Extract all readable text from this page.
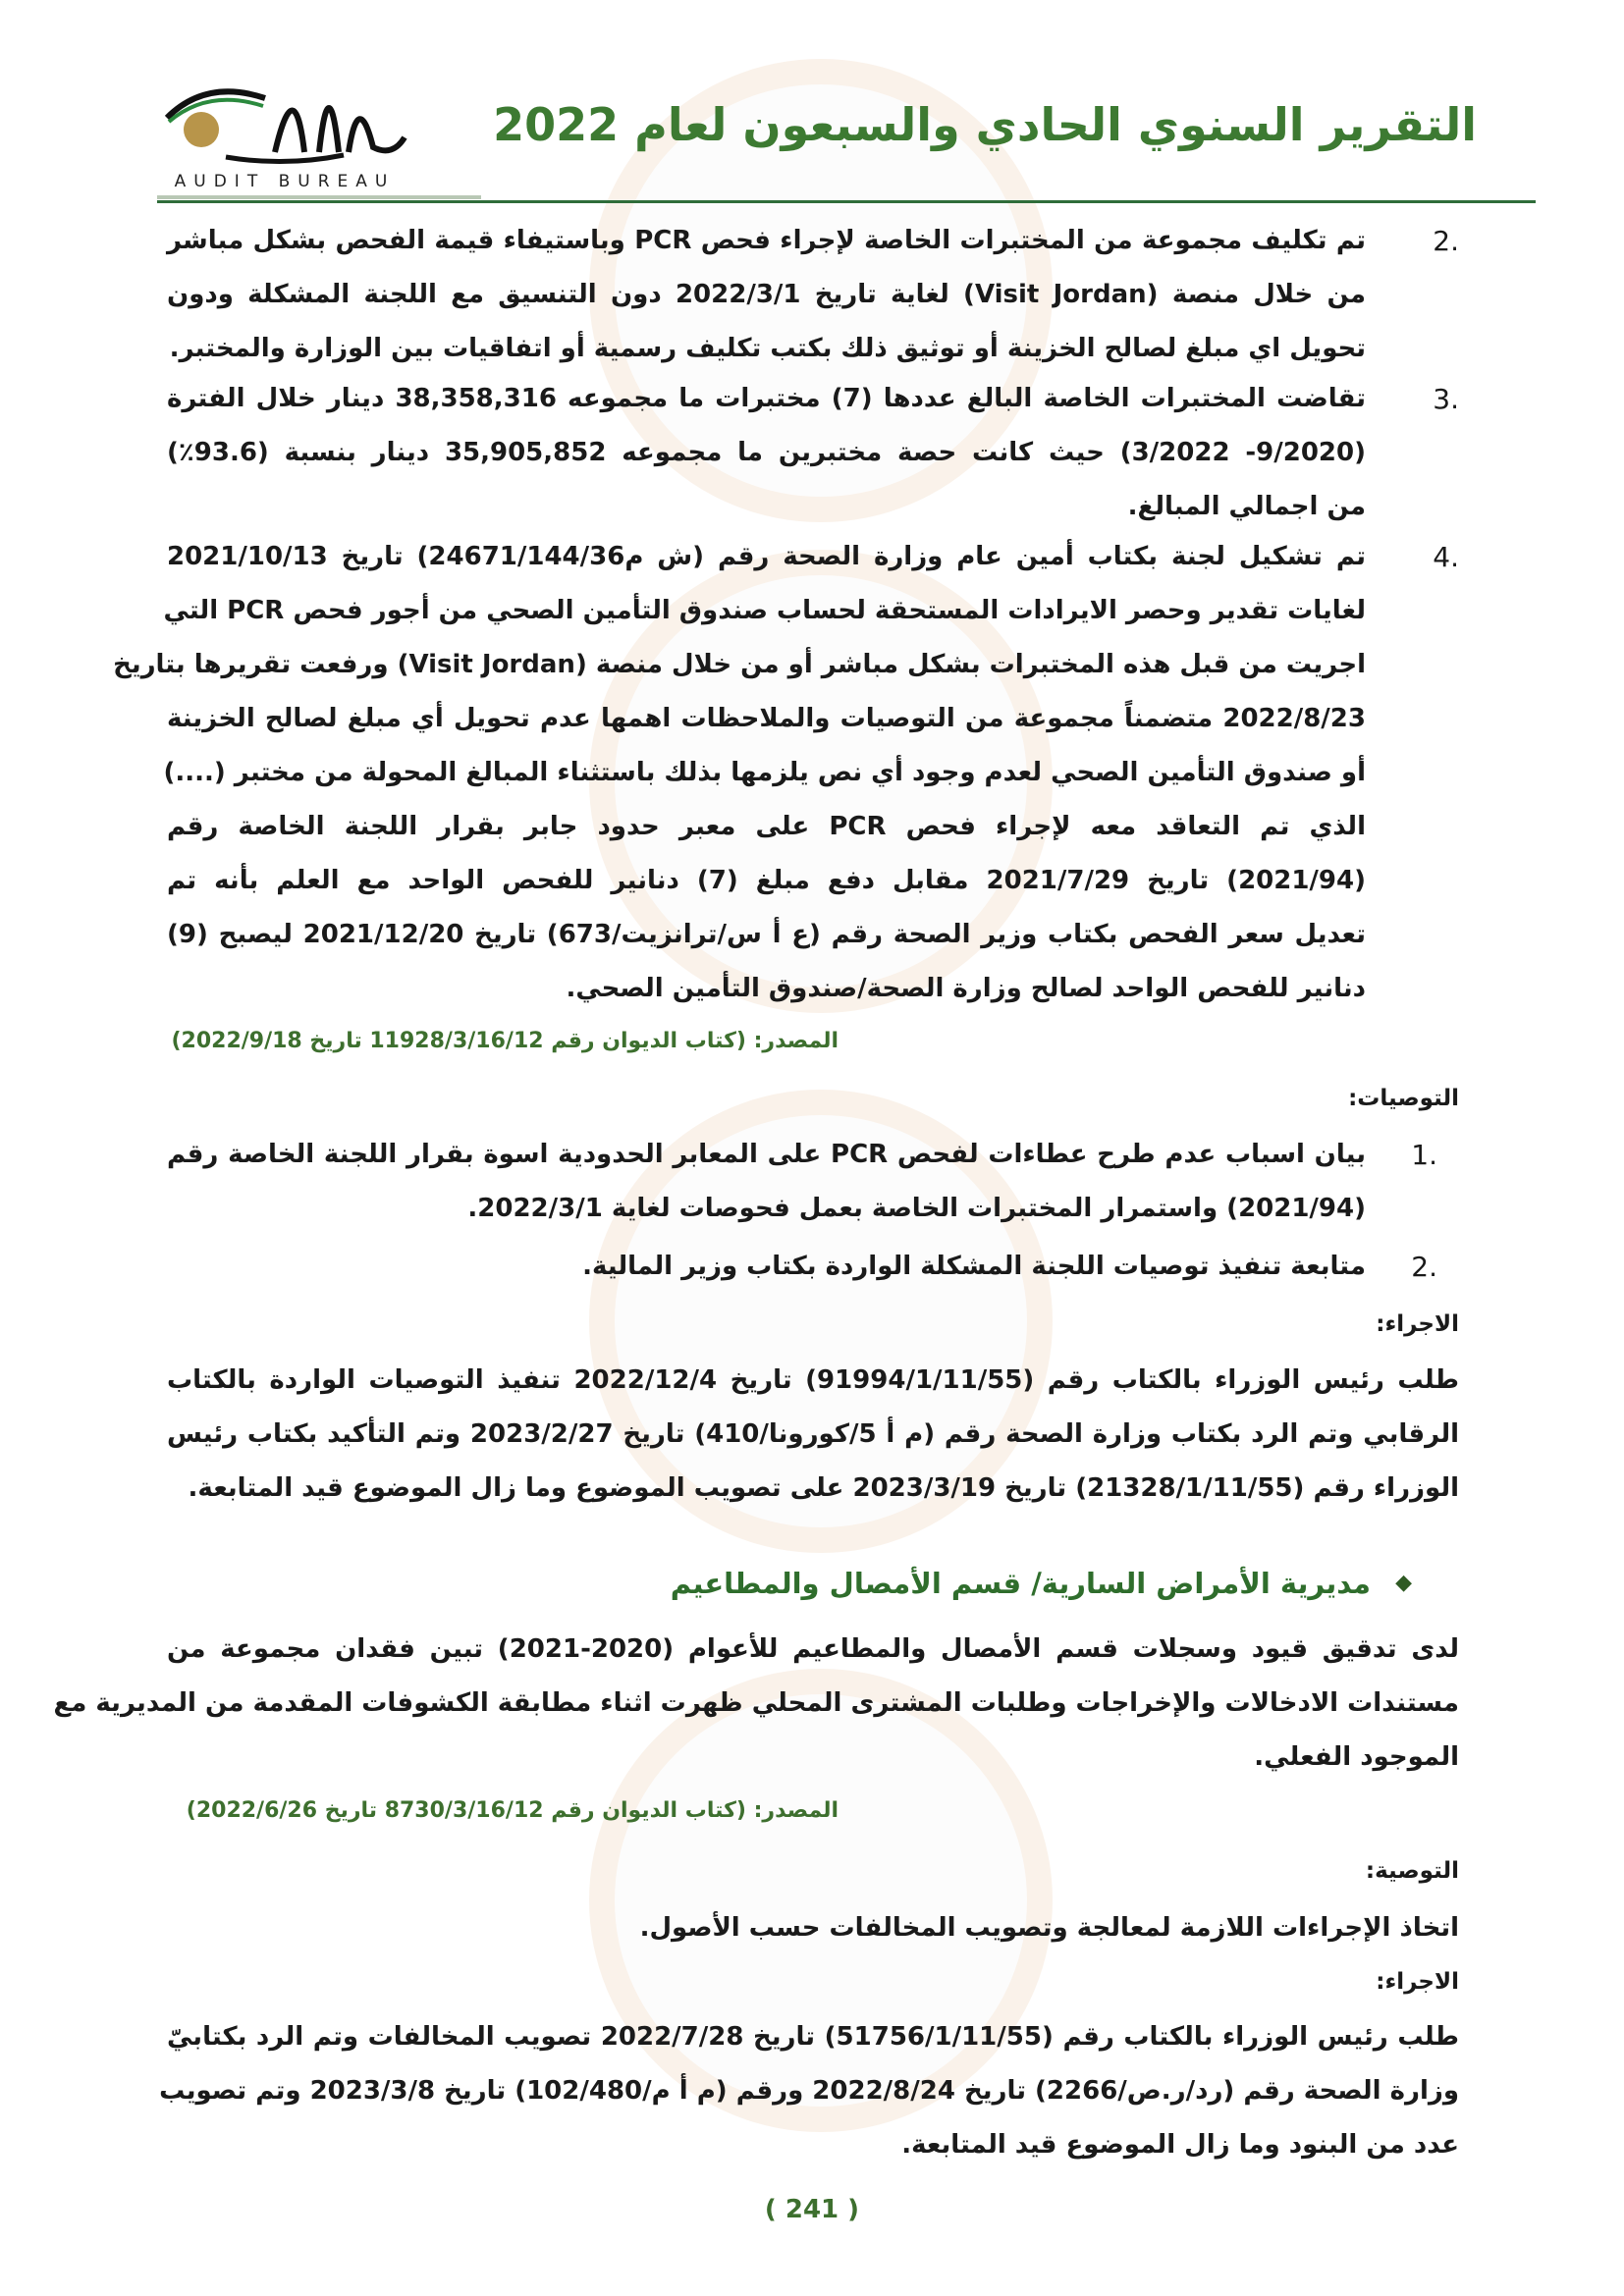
AUDIT BUREAU
التقرير السنوي الحادي والسبعون لعام 2022
2.
تم تكليف مجموعة من المختبرات الخاصة لإجراء فحص PCR وباستيفاء قيمة الفحص بشكل مباشر
من خلال منصة (Visit Jordan) لغاية تاريخ 2022/3/1 دون التنسيق مع اللجنة المشكلة ودون
تحويل اي مبلغ لصالح الخزينة أو توثيق ذلك بكتب تكليف رسمية أو اتفاقيات بين الوزارة والمختبر.
3.
تقاضت المختبرات الخاصة البالغ عددها (7) مختبرات ما مجموعه 38,358,316 دينار خلال الفترة
(9/2020- 3/2022) حيث كانت حصة مختبرين ما مجموعه 35,905,852 دينار بنسبة (93.6٪)
من اجمالي المبالغ.
4.
تم تشكيل لجنة بكتاب أمين عام وزارة الصحة رقم (ش م24671/144/36) تاريخ 2021/10/13
لغايات تقدير وحصر الايرادات المستحقة لحساب صندوق التأمين الصحي من أجور فحص PCR التي
اجريت من قبل هذه المختبرات بشكل مباشر أو من خلال منصة (Visit Jordan) ورفعت تقريرها بتاريخ
2022/8/23 متضمناً مجموعة من التوصيات والملاحظات اهمها عدم تحويل أي مبلغ لصالح الخزينة
أو صندوق التأمين الصحي لعدم وجود أي نص يلزمها بذلك باستثناء المبالغ المحولة من مختبر (....)
الذي تم التعاقد معه لإجراء فحص PCR على معبر حدود جابر بقرار اللجنة الخاصة رقم
(2021/94) تاريخ 2021/7/29 مقابل دفع مبلغ (7) دنانير للفحص الواحد مع العلم بأنه تم
تعديل سعر الفحص بكتاب وزير الصحة رقم (ع أ س/ترانزيت/673) تاريخ 2021/12/20 ليصبح (9)
دنانير للفحص الواحد لصالح وزارة الصحة/صندوق التأمين الصحي.
المصدر: (كتاب الديوان رقم 11928/3/16/12 تاريخ 2022/9/18)
التوصيات:
1.
بيان اسباب عدم طرح عطاءات لفحص PCR على المعابر الحدودية اسوة بقرار اللجنة الخاصة رقم
(2021/94) واستمرار المختبرات الخاصة بعمل فحوصات لغاية 2022/3/1.
2.
متابعة تنفيذ توصيات اللجنة المشكلة الواردة بكتاب وزير المالية.
الاجراء:
طلب رئيس الوزراء بالكتاب رقم (91994/1/11/55) تاريخ 2022/12/4 تنفيذ التوصيات الواردة بالكتاب
الرقابي وتم الرد بكتاب وزارة الصحة رقم (م أ 5/كورونا/410) تاريخ 2023/2/27 وتم التأكيد بكتاب رئيس
الوزراء رقم (21328/1/11/55) تاريخ 2023/3/19 على تصويب الموضوع وما زال الموضوع قيد المتابعة.
◆
مديرية الأمراض السارية/ قسم الأمصال والمطاعيم
لدى تدقيق قيود وسجلات قسم الأمصال والمطاعيم للأعوام (2020-2021) تبين فقدان مجموعة من
مستندات الادخالات والإخراجات وطلبات المشترى المحلي ظهرت اثناء مطابقة الكشوفات المقدمة من المديرية مع
الموجود الفعلي.
المصدر: (كتاب الديوان رقم 8730/3/16/12 تاريخ 2022/6/26)
التوصية:
اتخاذ الإجراءات اللازمة لمعالجة وتصويب المخالفات حسب الأصول.
الاجراء:
طلب رئيس الوزراء بالكتاب رقم (51756/1/11/55) تاريخ 2022/7/28 تصويب المخالفات وتم الرد بكتابيّ
وزارة الصحة رقم (رد/ر.ص/2266) تاريخ 2022/8/24 ورقم (م أ م/102/480) تاريخ 2023/3/8 وتم تصويب
عدد من البنود وما زال الموضوع قيد المتابعة.
( 241 )
